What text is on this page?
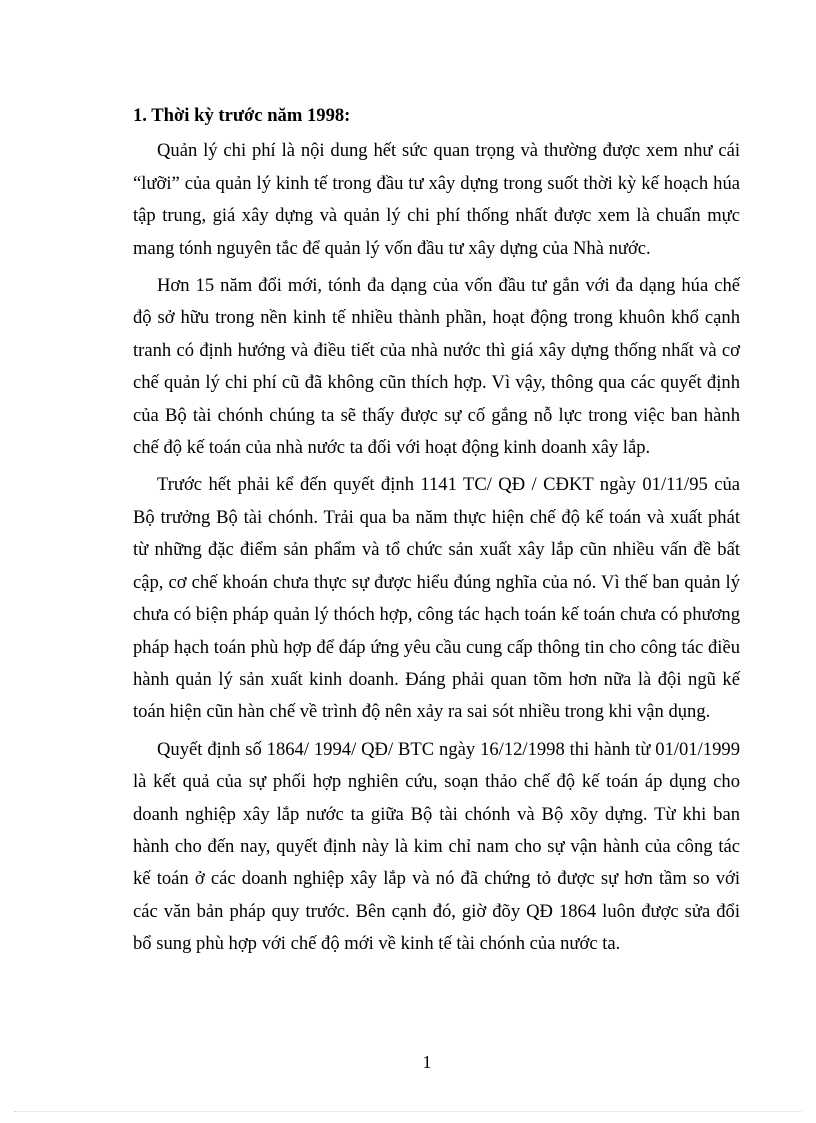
1. Thời kỳ trước năm 1998:

Quản lý chi phí là nội dung hết sức quan trọng và thường được xem như cái “lưỡi” của quản lý kinh tế trong đầu tư xây dựng trong suốt thời kỳ kế hoạch húa tập trung, giá xây dựng và quản lý chi phí thống nhất được xem là chuẩn mực mang tónh nguyên tắc để quản lý vốn đầu tư xây dựng của Nhà nước.

Hơn 15 năm đổi mới, tónh đa dạng của vốn đầu tư gắn với đa dạng húa chế độ sở hữu trong nền kinh tế nhiều thành phần, hoạt động trong khuôn khổ cạnh tranh có định hướng và điều tiết của nhà nước thì giá xây dựng thống nhất và cơ chế quản lý chi phí cũ đã không cũn thích hợp. Vì vậy, thông qua các quyết định của Bộ tài chónh chúng ta sẽ thấy được sự cố gắng nỗ lực trong việc ban hành chế độ kế toán của nhà nước ta đối với hoạt động kinh doanh xây lắp.

Trước hết phải kể đến quyết định 1141 TC/ QĐ / CĐKT ngày 01/11/95 của Bộ trưởng Bộ tài chónh. Trải qua ba năm thực hiện chế độ kế toán và xuất phát từ những đặc điểm sản phẩm và tổ chức sản xuất xây lắp cũn nhiều vấn đề bất cập, cơ chế khoán chưa thực sự được hiểu đúng nghĩa của nó. Vì thế ban quản lý chưa có biện pháp quản lý thóch hợp, công tác hạch toán kế toán chưa có phương pháp hạch toán phù hợp để đáp ứng yêu cầu cung cấp thông tin cho công tác điều hành quản lý sản xuất kinh doanh. Đáng phải quan tõm hơn nữa là đội ngũ kế toán hiện cũn hàn chế về trình độ nên xảy ra sai sót nhiều trong khi vận dụng.

Quyết định số 1864/ 1994/ QĐ/ BTC ngày 16/12/1998 thi hành từ 01/01/1999 là kết quả của sự phối hợp nghiên cứu, soạn thảo chế độ kế toán áp dụng cho doanh nghiệp xây lắp nước ta giữa Bộ tài chónh và Bộ xõy dựng. Từ khi ban hành cho đến nay, quyết định này là kim chỉ nam cho sự vận hành của công tác kế toán ở các doanh nghiệp xây lắp và nó đã chứng tỏ được sự hơn tầm so với các văn bản pháp quy trước. Bên cạnh đó, giờ đõy QĐ 1864 luôn được sửa đổi bổ sung phù hợp với chế độ mới về kinh tế tài chónh của nước ta.

1
